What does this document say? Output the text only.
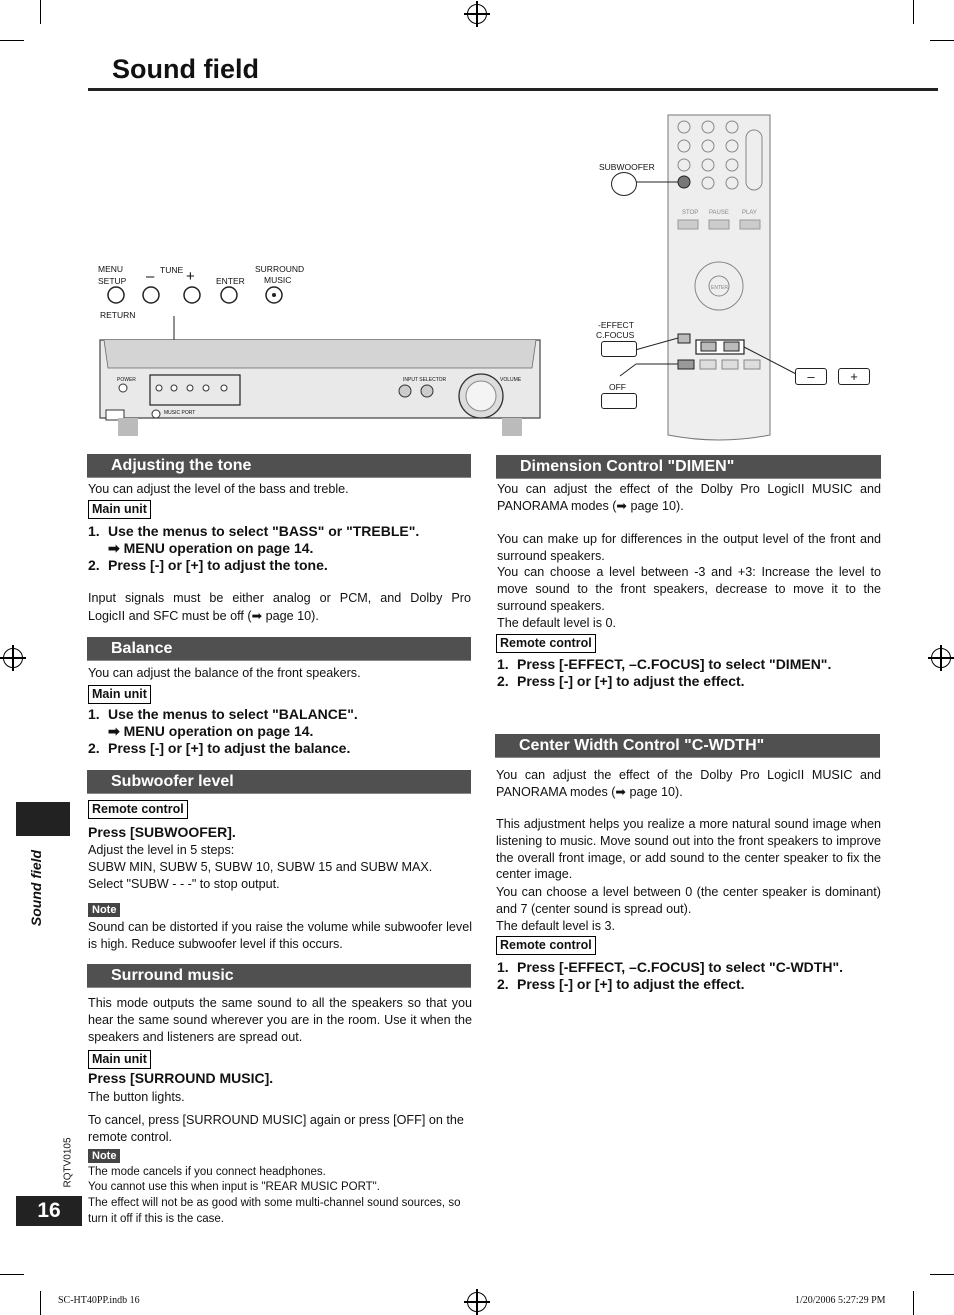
Sound field
MENU
SETUP
RETURN
TUNE
– + ENTER
SURROUND
MUSIC
POWER	INPUT SELECTOR	VOLUME
MUSIC PORT
SUBWOOFER
-EFFECT
C.FOCUS
OFF
–	+
STOP PAUSE PLAY
ENTER
Adjusting the tone
You can adjust the level of the bass and treble.
Main unit
1. Use the menus to select "BASS" or "TREBLE".
➡ MENU operation on page 14.
2. Press [-] or [+] to adjust the tone.
Input signals must be either analog or PCM, and Dolby Pro
LogicII and SFC must be off (➡ page 10).
Balance
You can adjust the balance of the front speakers.
Main unit
1. Use the menus to select "BALANCE".
➡ MENU operation on page 14.
2. Press [-] or [+] to adjust the balance.
Subwoofer level
Remote control
Press [SUBWOOFER].
Adjust the level in 5 steps:
SUBW MIN, SUBW 5, SUBW 10, SUBW 15 and SUBW MAX.
Select "SUBW - - -" to stop output.
Note
Sound can be distorted if you raise the volume while subwoofer level is high. Reduce subwoofer level if this occurs.
Surround music
This mode outputs the same sound to all the speakers so that you hear the same sound wherever you are in the room. Use it when the speakers and listeners are spread out.
Main unit
Press [SURROUND MUSIC].
The button lights.
To cancel, press [SURROUND MUSIC] again or press [OFF] on the remote control.
Note
The mode cancels if you connect headphones.
You cannot use this when input is "REAR MUSIC PORT".
The effect will not be as good with some multi-channel sound sources, so turn it off if this is the case.
Dimension Control "DIMEN"
You can adjust the effect of the Dolby Pro LogicII MUSIC and PANORAMA modes (➡ page 10).
You can make up for differences in the output level of the front and surround speakers.
You can choose a level between -3 and +3: Increase the level to move sound to the front speakers, decrease to move it to the surround speakers.
The default level is 0.
Remote control
1. Press [-EFFECT, –C.FOCUS] to select "DIMEN".
2. Press [-] or [+] to adjust the effect.
Center Width Control "C-WDTH"
You can adjust the effect of the Dolby Pro LogicII MUSIC and PANORAMA modes (➡ page 10).
This adjustment helps you realize a more natural sound image when listening to music. Move sound out into the front speakers to improve the overall front image, or add sound to the center speaker to fix the center image.
You can choose a level between 0 (the center speaker is dominant) and 7 (center sound is spread out).
The default level is 3.
Remote control
1. Press [-EFFECT, –C.FOCUS] to select "C-WDTH".
2. Press [-] or [+] to adjust the effect.
Sound field
RQTV0105
16
SC-HT40PP.indb 16	1/20/2006 5:27:29 PM
